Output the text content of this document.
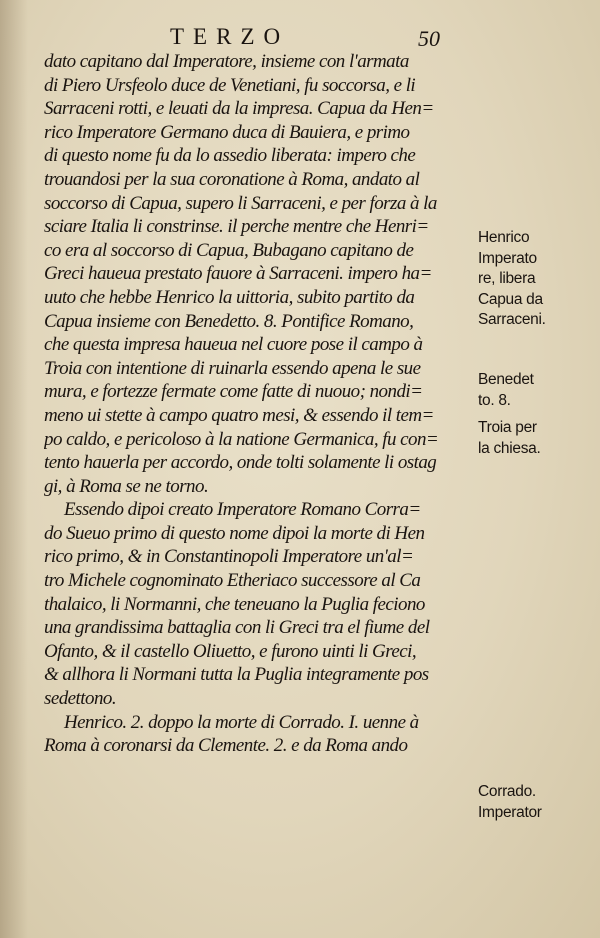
TERZO	50
dato capitano dal Imperatore, insieme con l'armata
di Piero Ursfeolo duce de Venetiani, fu soccorsa, e li
Sarraceni rotti, e leuati da la impresa. Capua da Hen=
rico Imperatore Germano duca di Bauiera, e primo
di questo nome fu da lo assedio liberata: impero che
trouandosi per la sua coronatione à Roma, andato al
soccorso di Capua, supero li Sarraceni, e per forza à la
sciare Italia li constrinse. il perche mentre che Henri=
co era al soccorso di Capua, Bubagano capitano de
Greci haueua prestato fauore à Sarraceni. impero ha=
uuto che hebbe Henrico la uittoria, subito partito da
Capua insieme con Benedetto. 8. Pontifice Romano,
che questa impresa haueua nel cuore pose il campo à
Troia con intentione di ruinarla essendo apena le sue
mura, e fortezze fermate come fatte di nuouo; nondi=
meno ui stette à campo quatro mesi, & essendo il tem=
po caldo, e pericoloso à la natione Germanica, fu con=
tento hauerla per accordo, onde tolti solamente li ostag
gi, à Roma se ne torno.
Essendo dipoi creato Imperatore Romano Corra=
do Sueuo primo di questo nome dipoi la morte di Hen
rico primo, & in Constantinopoli Imperatore un'al=
tro Michele cognominato Etheriaco successore al Ca
thalaico, li Normanni, che teneuano la Puglia feciono
una grandissima battaglia con li Greci tra el fiume del
Ofanto, & il castello Oliuetto, e furono uinti li Greci,
& allhora li Normani tutta la Puglia integramente pos
sedettono.
Henrico. 2. doppo la morte di Corrado. I. uenne à
Roma à coronarsi da Clemente. 2. e da Roma ando
Henrico
Imperato
re, libera
Capua da
Sarraceni.
Benedet
to. 8.
Troia per
la chiesa.
Corrado.
Imperator
